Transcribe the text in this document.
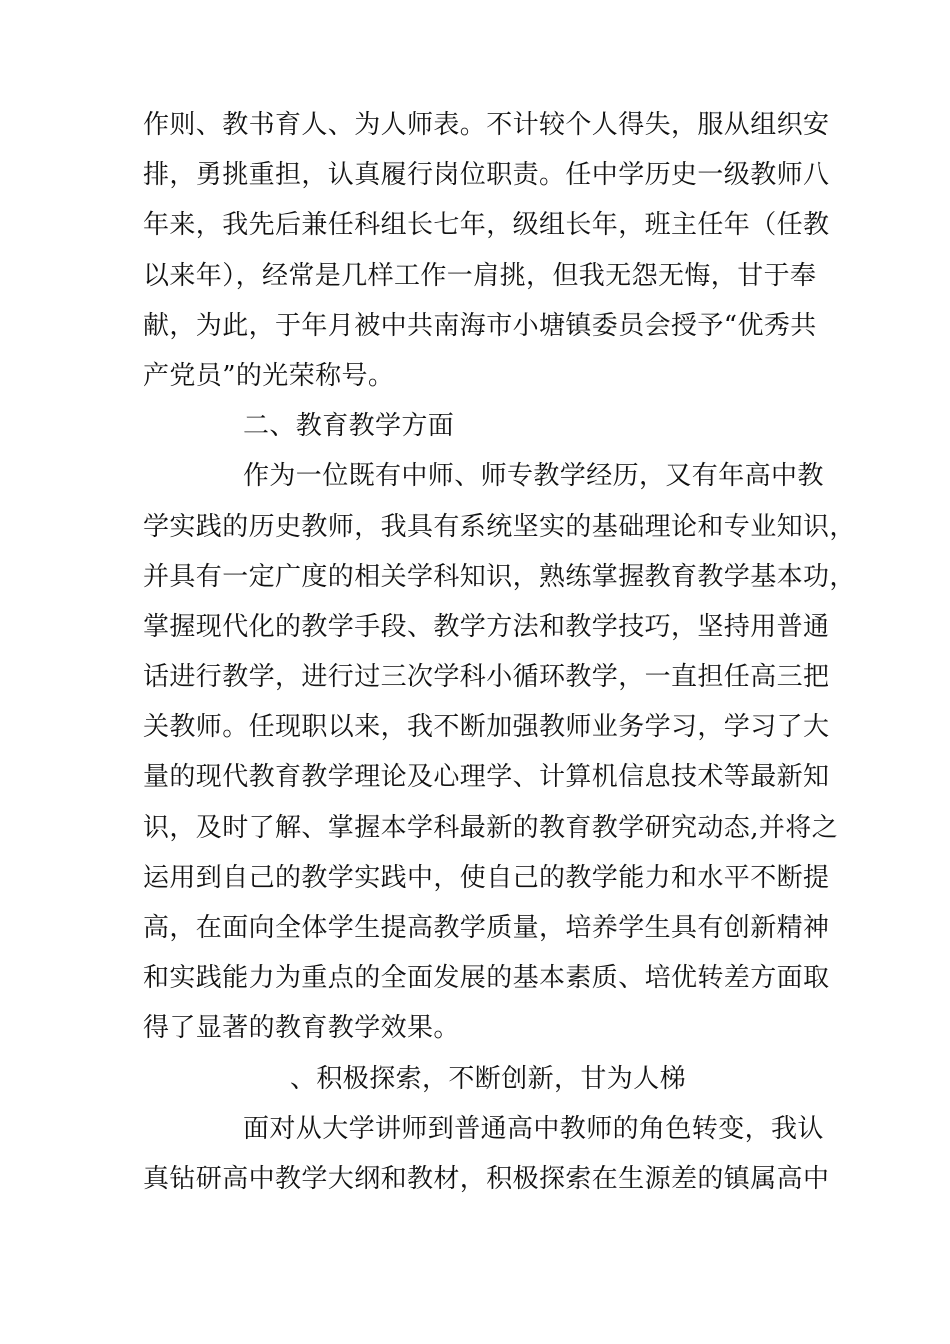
作则、教书育人、为人师表。不计较个人得失，服从组织安
排，勇挑重担，认真履行岗位职责。任中学历史一级教师八
年来，我先后兼任科组长七年，级组长年，班主任年（任教
以来年），经常是几样工作一肩挑，但我无怨无悔，甘于奉
献，为此，于年月被中共南海市小塘镇委员会授予“优秀共
产党员”的光荣称号。
二、教育教学方面
作为一位既有中师、师专教学经历，又有年高中教
学实践的历史教师，我具有系统坚实的基础理论和专业知识，
并具有一定广度的相关学科知识，熟练掌握教育教学基本功，
掌握现代化的教学手段、教学方法和教学技巧，坚持用普通
话进行教学，进行过三次学科小循环教学，一直担任高三把
关教师。任现职以来，我不断加强教师业务学习，学习了大
量的现代教育教学理论及心理学、计算机信息技术等最新知
识，及时了解、掌握本学科最新的教育教学研究动态,并将之
运用到自己的教学实践中，使自己的教学能力和水平不断提
高，在面向全体学生提高教学质量，培养学生具有创新精神
和实践能力为重点的全面发展的基本素质、培优转差方面取
得了显著的教育教学效果。
、积极探索，不断创新，甘为人梯
面对从大学讲师到普通高中教师的角色转变，我认
真钻研高中教学大纲和教材，积极探索在生源差的镇属高中
